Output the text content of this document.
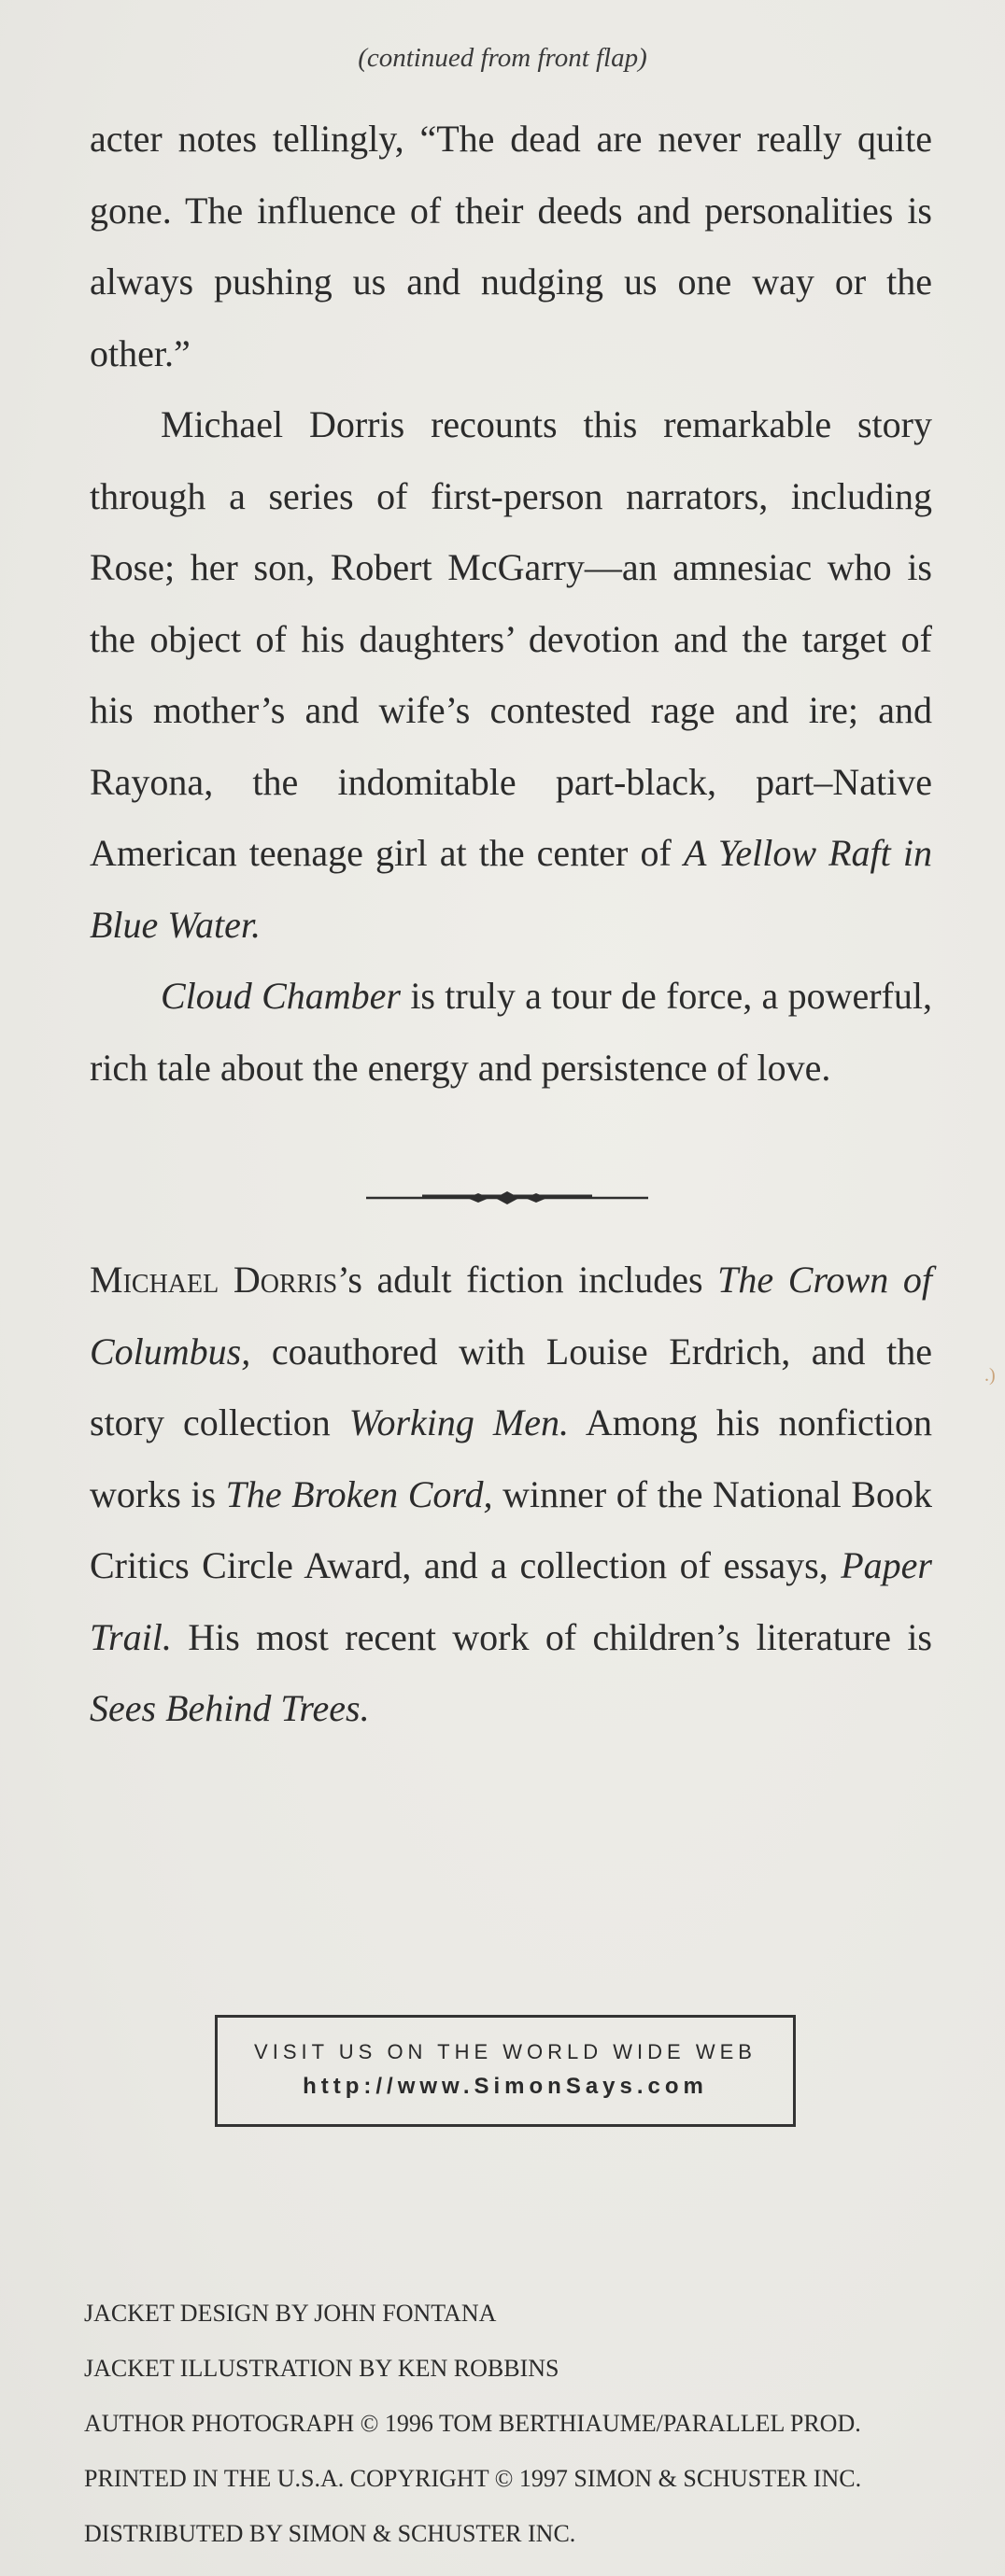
(continued from front flap)

acter notes tellingly, “The dead are never really quite gone. The influence of their deeds and personalities is always pushing us and nudging us one way or the other.”

Michael Dorris recounts this remarkable story through a series of first-person narrators, including Rose; her son, Robert McGarry—an amnesiac who is the object of his daughters’ devotion and the target of his mother’s and wife’s contested rage and ire; and Rayona, the indomitable part-black, part–Native American teenage girl at the center of A Yellow Raft in Blue Water.

Cloud Chamber is truly a tour de force, a powerful, rich tale about the energy and persistence of love.

Michael Dorris’s adult fiction includes The Crown of Columbus, coauthored with Louise Erdrich, and the story collection Working Men. Among his nonfiction works is The Broken Cord, winner of the National Book Critics Circle Award, and a collection of essays, Paper Trail. His most recent work of children’s literature is Sees Behind Trees.

.)
VISIT US ON THE WORLD WIDE WEB
http://www.SimonSays.com
JACKET DESIGN BY JOHN FONTANA
JACKET ILLUSTRATION BY KEN ROBBINS
AUTHOR PHOTOGRAPH © 1996 TOM BERTHIAUME/PARALLEL PROD.
PRINTED IN THE U.S.A. COPYRIGHT © 1997 SIMON & SCHUSTER INC.
DISTRIBUTED BY SIMON & SCHUSTER INC.
